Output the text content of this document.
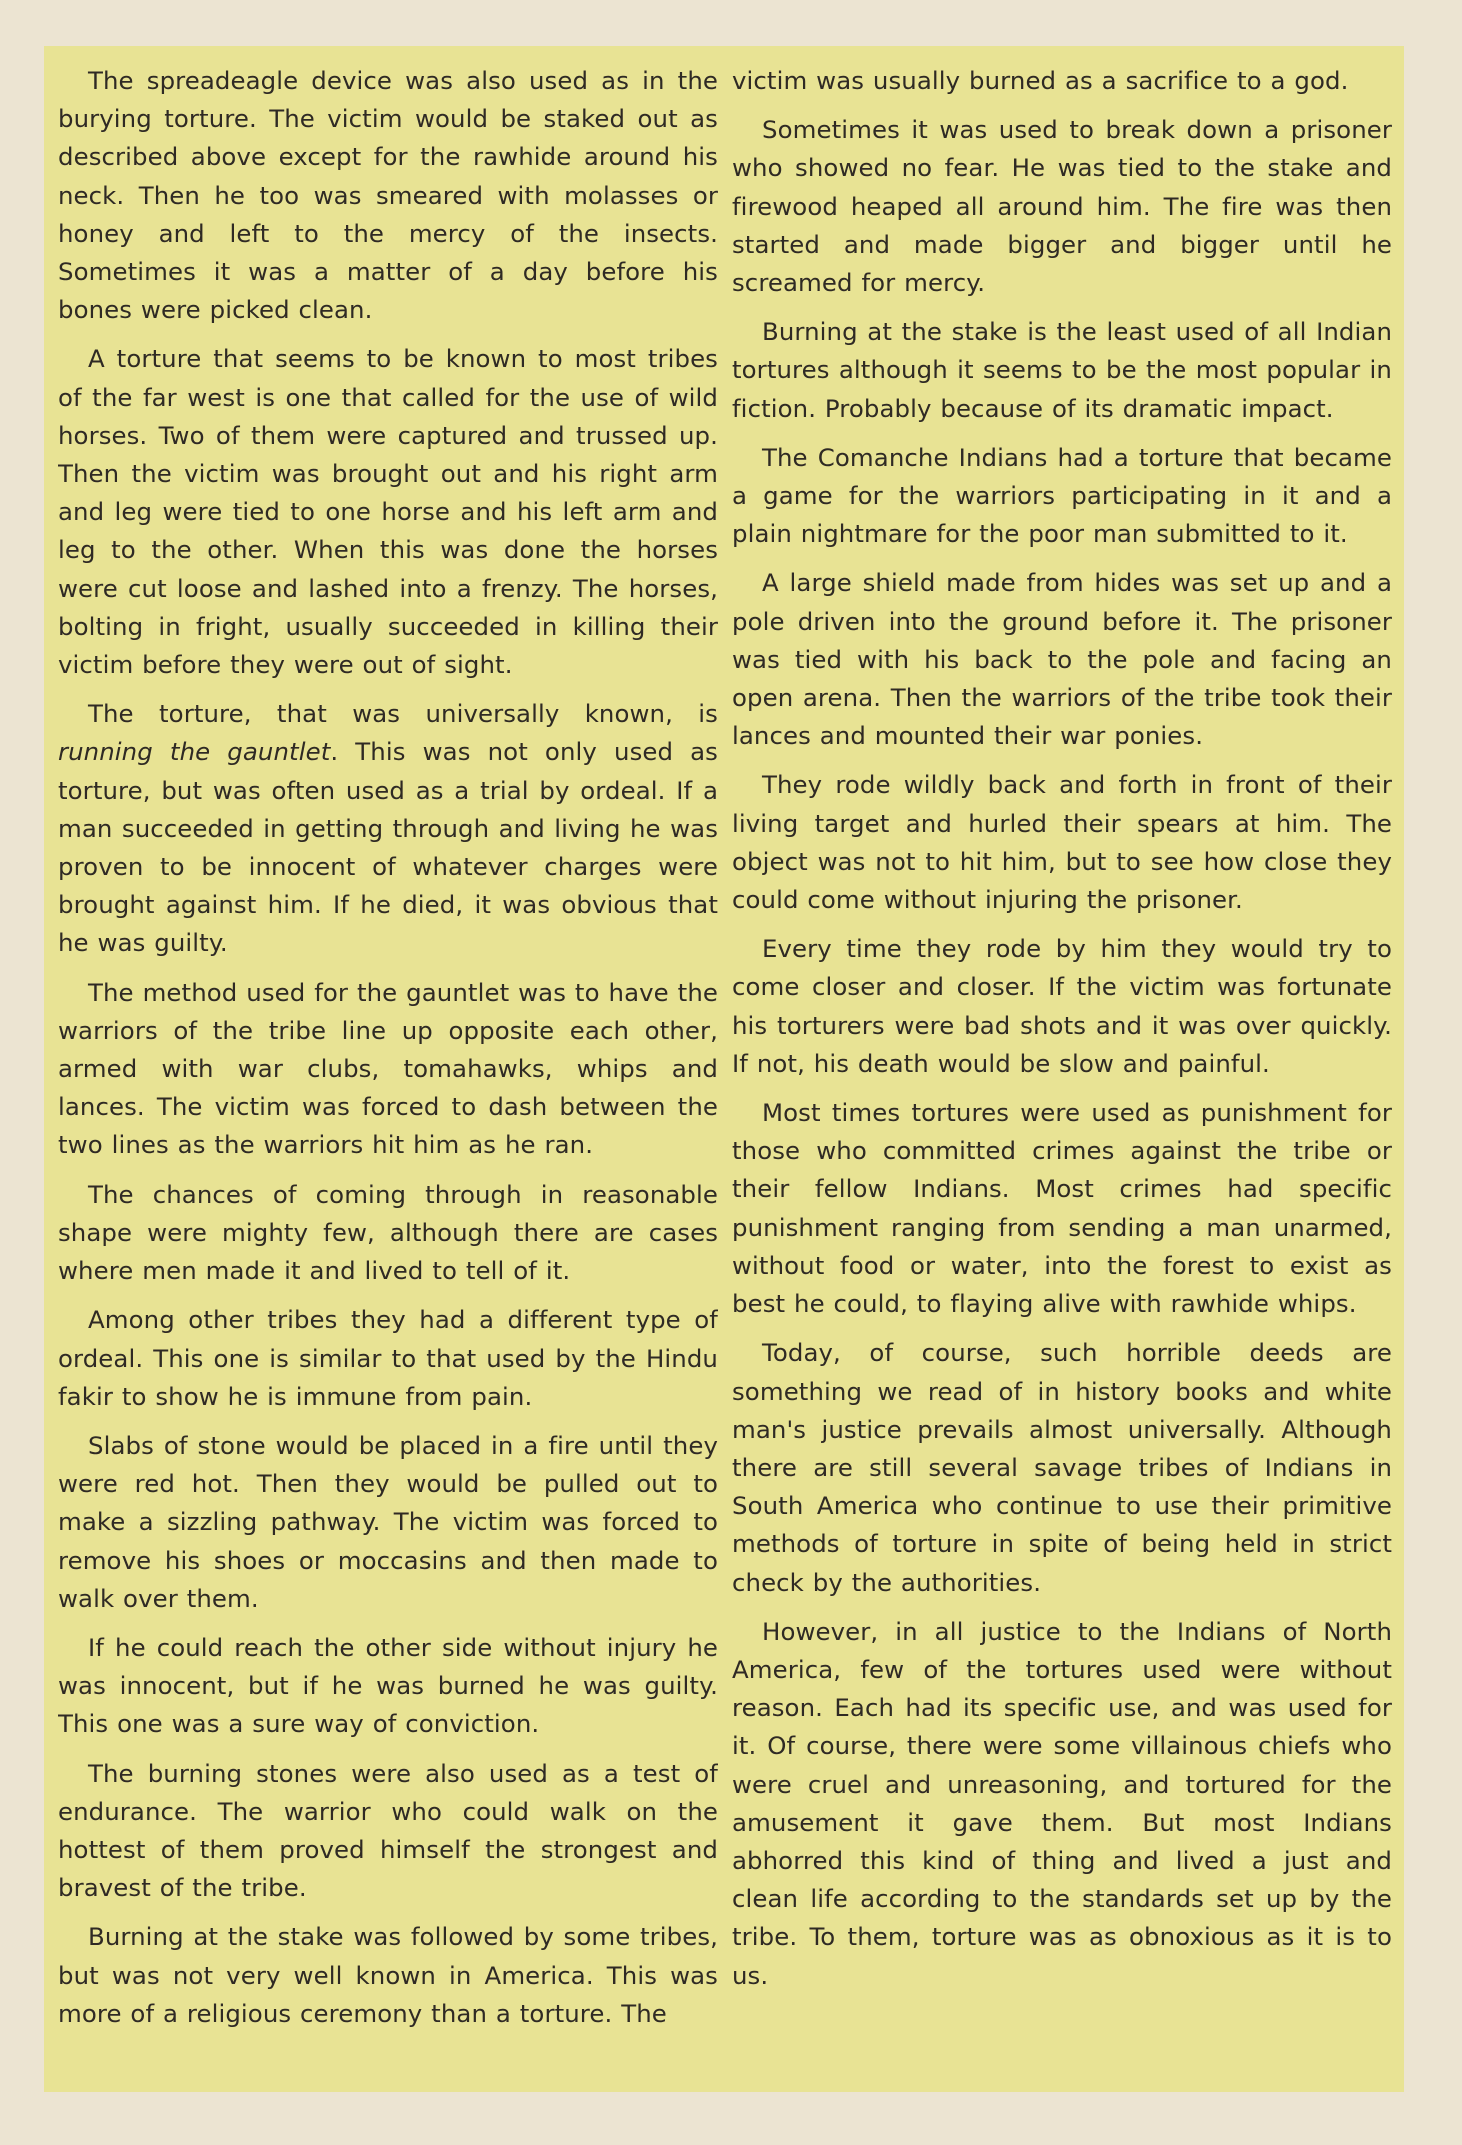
The spreadeagle device was also used as in the burying torture. The victim would be staked out as described above except for the rawhide around his neck. Then he too was smeared with molasses or honey and left to the mercy of the insects. Sometimes it was a matter of a day before his bones were picked clean.

A torture that seems to be known to most tribes of the far west is one that called for the use of wild horses. Two of them were captured and trussed up. Then the victim was brought out and his right arm and leg were tied to one horse and his left arm and leg to the other. When this was done the horses were cut loose and lashed into a frenzy. The horses, bolting in fright, usually succeeded in killing their victim before they were out of sight.

The torture, that was universally known, is running the gauntlet. This was not only used as torture, but was often used as a trial by ordeal. If a man succeeded in getting through and living he was proven to be innocent of whatever charges were brought against him. If he died, it was obvious that he was guilty.

The method used for the gauntlet was to have the warriors of the tribe line up opposite each other, armed with war clubs, tomahawks, whips and lances. The victim was forced to dash between the two lines as the warriors hit him as he ran.

The chances of coming through in reasonable shape were mighty few, although there are cases where men made it and lived to tell of it.

Among other tribes they had a different type of ordeal. This one is similar to that used by the Hindu fakir to show he is immune from pain.

Slabs of stone would be placed in a fire until they were red hot. Then they would be pulled out to make a sizzling pathway. The victim was forced to remove his shoes or moccasins and then made to walk over them.

If he could reach the other side without injury he was innocent, but if he was burned he was guilty. This one was a sure way of conviction.

The burning stones were also used as a test of endurance. The warrior who could walk on the hottest of them proved himself the strongest and bravest of the tribe.

Burning at the stake was followed by some tribes, but was not very well known in America. This was more of a religious ceremony than a torture. The

victim was usually burned as a sacrifice to a god.

Sometimes it was used to break down a prisoner who showed no fear. He was tied to the stake and firewood heaped all around him. The fire was then started and made bigger and bigger until he screamed for mercy.

Burning at the stake is the least used of all Indian tortures although it seems to be the most popular in fiction. Probably because of its dramatic impact.

The Comanche Indians had a torture that became a game for the warriors participating in it and a plain nightmare for the poor man submitted to it.

A large shield made from hides was set up and a pole driven into the ground before it. The prisoner was tied with his back to the pole and facing an open arena. Then the warriors of the tribe took their lances and mounted their war ponies.

They rode wildly back and forth in front of their living target and hurled their spears at him. The object was not to hit him, but to see how close they could come without injuring the prisoner.

Every time they rode by him they would try to come closer and closer. If the victim was fortunate his torturers were bad shots and it was over quickly. If not, his death would be slow and painful.

Most times tortures were used as punishment for those who committed crimes against the tribe or their fellow Indians. Most crimes had specific punishment ranging from sending a man unarmed, without food or water, into the forest to exist as best he could, to flaying alive with rawhide whips.

Today, of course, such horrible deeds are something we read of in history books and white man's justice prevails almost universally. Although there are still several savage tribes of Indians in South America who continue to use their primitive methods of torture in spite of being held in strict check by the authorities.

However, in all justice to the Indians of North America, few of the tortures used were without reason. Each had its specific use, and was used for it. Of course, there were some villainous chiefs who were cruel and unreasoning, and tortured for the amusement it gave them. But most Indians abhorred this kind of thing and lived a just and clean life according to the standards set up by the tribe. To them, torture was as obnoxious as it is to us.
